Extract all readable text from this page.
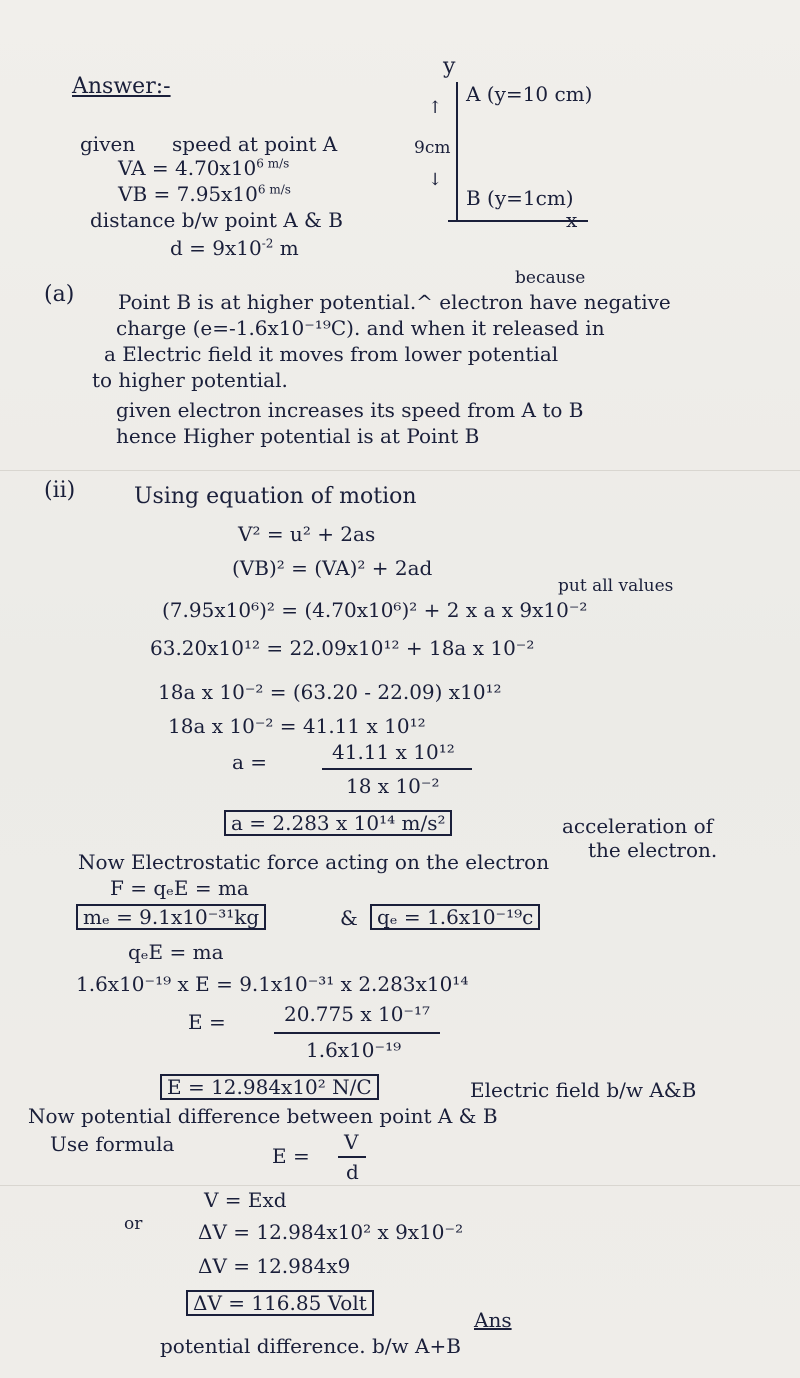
Answer:-
y
x
A (y=10 cm)
9cm
↑
↓
B (y=1cm)
given speed at point A
VA = $4.70x10^{6 m/s}$
VB = $7.95x10^{6 m/s}$
distance b/w point A & B
$d = 9x10^{-2}$ m
(a)
because
Point B is at higher potential.^ electron have negative
charge (e=-1.6x10⁻¹⁹C). and when it released in
a Electric field it moves from lower potential
to higher potential.
given electron increases its speed from A to B
hence Higher potential is at Point B
(ii)	Using equation of motion
V² = u² + 2as
(VB)² = (VA)² + 2ad
put all values
(7.95x10⁶)² = (4.70x10⁶)² + 2 x a x 9x10⁻²
63.20x10¹² = 22.09x10¹² + 18a x 10⁻²
18a x 10⁻² = (63.20 - 22.09) x10¹²
18a x 10⁻² = 41.11 x 10¹²
a =	41.11 x 10¹²
18 x 10⁻²
a = 2.283 x 10¹⁴ m/s²	acceleration of
the electron.
Now Electrostatic force acting on the electron
F = qₑE = ma
mₑ = 9.1x10⁻³¹kg	& qₑ = 1.6x10⁻¹⁹c
qₑE = ma
1.6x10⁻¹⁹ x E = 9.1x10⁻³¹ x 2.283x10¹⁴
E =	20.775 x 10⁻¹⁷
1.6x10⁻¹⁹
E = 12.984x10² N/C	Electric field b/w A&B
Now potential difference between point A & B
Use formula	E =
V
d
V = Exd
or	ΔV = 12.984x10² x 9x10⁻²
ΔV = 12.984x9
ΔV = 116.85 Volt
Ans
potential difference. b/w A+B
